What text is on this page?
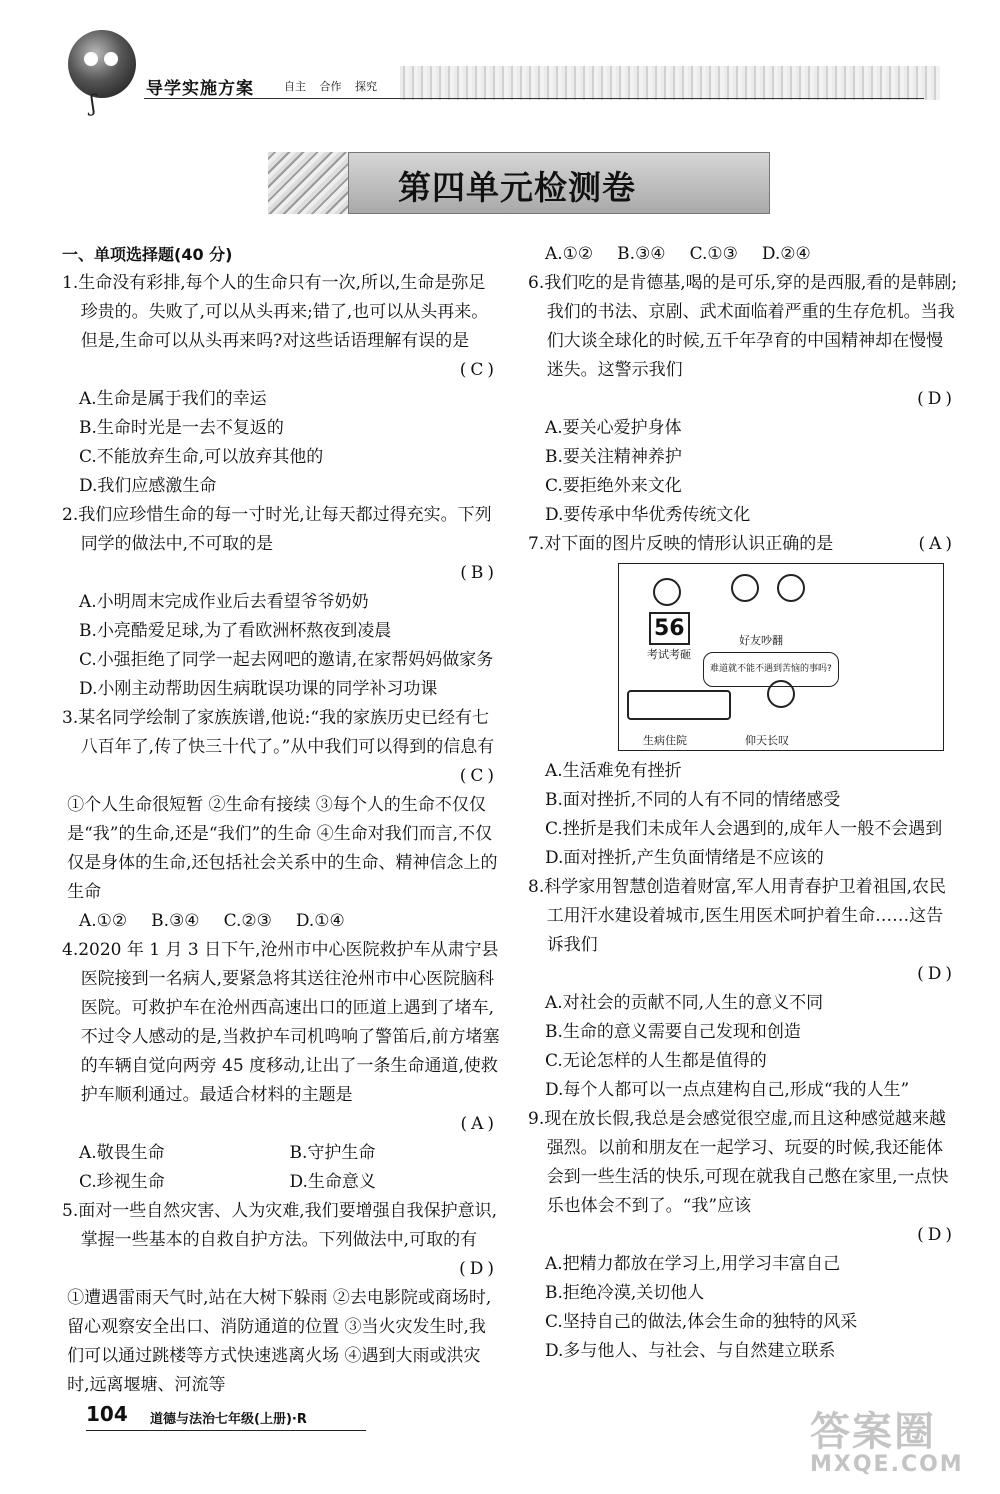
ʃ
导学实施方案	自主 合作 探究
第四单元检测卷
一、单项选择题(40 分)
1.生命没有彩排,每个人的生命只有一次,所以,生命是弥足珍贵的。失败了,可以从头再来;错了,也可以从头再来。但是,生命可以从头再来吗?对这些话语理解有误的是
(C)
A.生命是属于我们的幸运
B.生命时光是一去不复返的
C.不能放弃生命,可以放弃其他的
D.我们应感激生命
2.我们应珍惜生命的每一寸时光,让每天都过得充实。下列同学的做法中,不可取的是
(B)
A.小明周末完成作业后去看望爷爷奶奶
B.小亮酷爱足球,为了看欧洲杯熬夜到凌晨
C.小强拒绝了同学一起去网吧的邀请,在家帮妈妈做家务
D.小刚主动帮助因生病耽误功课的同学补习功课
3.某名同学绘制了家族族谱,他说:“我的家族历史已经有七八百年了,传了快三十代了。”从中我们可以得到的信息有
(C)
①个人生命很短暂 ②生命有接续 ③每个人的生命不仅仅是“我”的生命,还是“我们”的生命 ④生命对我们而言,不仅仅是身体的生命,还包括社会关系中的生命、精神信念上的生命
A.①② B.③④ C.②③ D.①④
4.2020 年 1 月 3 日下午,沧州市中心医院救护车从肃宁县医院接到一名病人,要紧急将其送往沧州市中心医院脑科医院。可救护车在沧州西高速出口的匝道上遇到了堵车,不过令人感动的是,当救护车司机鸣响了警笛后,前方堵塞的车辆自觉向两旁 45 度移动,让出了一条生命通道,使救护车顺利通过。最适合材料的主题是
(A)
A.敬畏生命	B.守护生命
C.珍视生命	D.生命意义
5.面对一些自然灾害、人为灾难,我们要增强自我保护意识,掌握一些基本的自救自护方法。下列做法中,可取的有
(D)
①遭遇雷雨天气时,站在大树下躲雨 ②去电影院或商场时,留心观察安全出口、消防通道的位置 ③当火灾发生时,我们可以通过跳楼等方式快速逃离火场 ④遇到大雨或洪灾时,远离堰塘、河流等
A.①② B.③④ C.①③ D.②④
6.我们吃的是肯德基,喝的是可乐,穿的是西服,看的是韩剧;我们的书法、京剧、武术面临着严重的生存危机。当我们大谈全球化的时候,五千年孕育的中国精神却在慢慢迷失。这警示我们
(D)
A.要关心爱护身体
B.要关注精神养护
C.要拒绝外来文化
D.要传承中华优秀传统文化
7.对下面的图片反映的情形认识正确的是	(A)
56
考试考砸
好友吵翻
难道就不能不遇到苦恼的事吗?
生病住院	仰天长叹
A.生活难免有挫折
B.面对挫折,不同的人有不同的情绪感受
C.挫折是我们未成年人会遇到的,成年人一般不会遇到
D.面对挫折,产生负面情绪是不应该的
8.科学家用智慧创造着财富,军人用青春护卫着祖国,农民工用汗水建设着城市,医生用医术呵护着生命……这告诉我们
(D)
A.对社会的贡献不同,人生的意义不同
B.生命的意义需要自己发现和创造
C.无论怎样的人生都是值得的
D.每个人都可以一点点建构自己,形成“我的人生”
9.现在放长假,我总是会感觉很空虚,而且这种感觉越来越强烈。以前和朋友在一起学习、玩耍的时候,我还能体会到一些生活的快乐,可现在就我自己憋在家里,一点快乐也体会不到了。“我”应该
(D)
A.把精力都放在学习上,用学习丰富自己
B.拒绝冷漠,关切他人
C.坚持自己的做法,体会生命的独特的风采
D.多与他人、与社会、与自然建立联系
104 道德与法治七年级(上册)·R	答案圈
MXQE.COM
